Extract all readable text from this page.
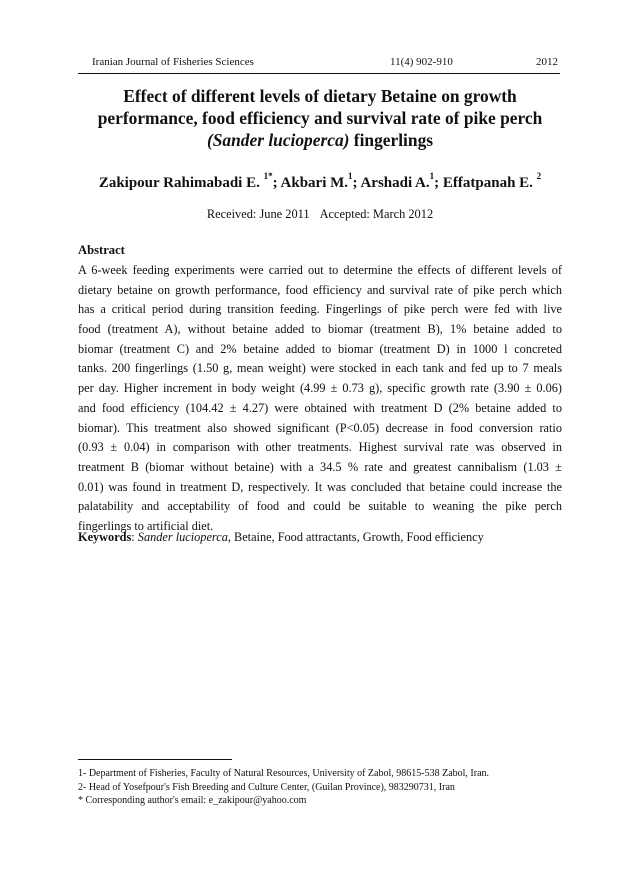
Iranian Journal of Fisheries Sciences	11(4) 902-910	2012
Effect of different levels of dietary Betaine on growth
performance, food efficiency and survival rate of pike perch
(Sander lucioperca) fingerlings
Zakipour Rahimabadi E. $^{1*}$; Akbari M.$^1$; Arshadi A.$^1$; Effatpanah E. $^2$
Received: June 2011 Accepted: March 2012
Abstract
A 6-week feeding experiments were carried out to determine the effects of different levels of
dietary betaine on growth performance, food efficiency and survival rate of pike perch which
has a critical period during transition feeding. Fingerlings of pike perch were fed with live
food (treatment A), without betaine added to biomar (treatment B), 1% betaine added to
biomar (treatment C) and 2% betaine added to biomar (treatment D) in 1000 l concreted
tanks. 200 fingerlings (1.50 g, mean weight) were stocked in each tank and fed up to 7 meals
per day. Higher increment in body weight (4.99 ± 0.73 g), specific growth rate (3.90 ± 0.06)
and food efficiency (104.42 ± 4.27) were obtained with treatment D (2% betaine added to
biomar). This treatment also showed significant (P<0.05) decrease in food conversion ratio
(0.93 ± 0.04) in comparison with other treatments. Highest survival rate was observed in
treatment B (biomar without betaine) with a 34.5 % rate and greatest cannibalism (1.03 ±
0.01) was found in treatment D, respectively. It was concluded that betaine could increase the
palatability and acceptability of food and could be suitable to weaning the pike perch
fingerlings to artificial diet.
Keywords: Sander lucioperca, Betaine, Food attractants, Growth, Food efficiency
1- Department of Fisheries, Faculty of Natural Resources, University of Zabol, 98615-538 Zabol, Iran.
2- Head of Yosefpour's Fish Breeding and Culture Center, (Guilan Province), 983290731, Iran
* Corresponding author's email: e_zakipour@yahoo.com
